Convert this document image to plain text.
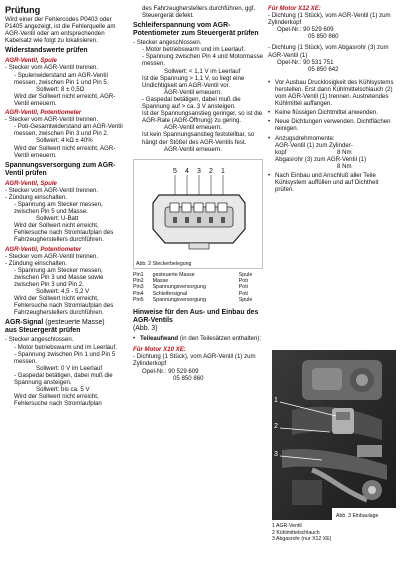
Prüfung

Wird einer der Fehlercodes P0403 oder P1405 angezeigt, ist die Fehlerquelle am AGR-Ventil oder am entsprechenden Kabelsatz wie folgt zu lokalisieren.

Widerstandswerte prüfen

AGR-Ventil, Spule

- Stecker vom AGR-Ventil trennen.

- Spulenwiderstand am AGR-Ventil messen, zwischen Pin 1 und Pin 5.

Sollwert: 8 ± 0,5Ω

Wird der Sollwert nicht erreicht, AGR-Ventil erneuern.

AGR-Ventil, Potentiometer

- Stecker vom AGR-Ventil trennen.

- Poti-Gesamtwiderstand am AGR-Ventil messen, zwischen Pin 3 und Pin 2.

Sollwert: 4 kΩ ± 40%

Wird der Sollwert nicht erreicht, AGR-Ventil erneuern.

Spannungsversorgung zum AGR-Ventil prüfen

AGR-Ventil, Spule

- Stecker vom AGR-Ventil trennen.

- Zündung einschalten.

- Spannung am Stecker messen, zwischen Pin 5 und Masse.

Sollwert: U-Batt

Wird der Sollwert nicht erreicht, Fehlersuche nach Stromlaufplan des Fahrzeugherstellers durchführen.

AGR-Ventil, Potentiometer

- Stecker vom AGR-Ventil trennen.

- Zündung einschalten.

- Spannung am Stecker messen, zwischen Pin 3 und Masse sowie zwischen Pin 3 und Pin 2.

Sollwert: 4,5 - 5,2 V

Wird der Sollwert nicht erreicht, Fehlersuche nach Stromlaufplan des Fahrzeugherstellers durchführen.

AGR-Signal (gesteuerte Masse)
aus Steuergerät prüfen

- Stecker angeschlossen.

- Motor betriebswarm und im Leerlauf.

- Spannung zwischen Pin 1 und Pin 5 messen.

Sollwert: 0 V im Leerlauf

- Gaspedal betätigen, dabei muß die Spannung ansteigen.

Sollwert: bis ca. 5 V

Wird der Sollwert nicht erreicht, Fehlersuche nach Stromlaufplan

des Fahrzeugherstellers durchführen, ggf. Steuergerät defekt.

Schleiferspannung vom AGR-Potentiometer zum Steuergerät prüfen

- Stecker angeschlossen.

- Motor betriebswarm und im Leerlauf.

- Spannung zwischen Pin 4 und Motormasse messen.

Sollwert: < 1,1 V im Leerlauf

Ist die Spannung > 1,1 V, so liegt eine Undichtigkeit am AGR-Ventil vor.

AGR-Ventil erneuern.

- Gaspedal betätigen, dabei muß die Spannung auf > ca. 3 V ansteigen.

Ist der Spannungsanstieg geringer, so ist die AGR-Rate (AGR-Öffnung) zu gering.

AGR-Ventil erneuern.

Ist kein Spannungsanstieg feststellbar, so hängt der Stößel des AGR-Ventils fest.

AGR-Ventil erneuern.

5 4 3 2 1
Abb. 2 Steckerbelegung
Pin1	gesteuerte Masse	Spule
Pin2	Masse	Poti
Pin3	Spannungsversorgung	Poti
Pin4	Schleifersignal	Poti
Pin5	Spannungsversorgung	Spule

Hinweise für den Aus- und Einbau des AGR-Ventils
(Abb. 3)

• Teileaufwand (in den Teilesätzen enthalten):

Für Motor X10 XE:

- Dichtung (1 Stück), vom AGR-Ventil (1) zum Zylinderkopf

Opel-Nr.: 90 529 609

05 850 860

Für Motor X12 XE:

- Dichtung (1 Stück), vom AGR-Ventil (1) zum Zylinderkopf

Opel-Nr.: 90 529 609

05 850 860

- Dichtung (1 Stück), vom Abgasrohr (3) zum AGR-Ventil (1)

Opel-Nr.: 90 531 751

05 850 642

• Vor Ausbau Drucklosigkeit des Kühlsystems herstellen. Erst dann Kühlmittelschlauch (2) vom AGR-Ventil (1) trennen. Austretendes Kühlmittel auffangen.
• Keine flüssigen Dichtmittel anwenden.
• Neue Dichtungen verwenden. Dichtflächen reinigen.
• Anzugsdrehmomente:
AGR-Ventil (1) zum Zylinder-
kopf	8 Nm
Abgasrohr (3) zum AGR-Ventil (1)
8 Nm
• Nach Einbau und Anschluß aller Teile Kühlsystem auffüllen und auf Dichtheit prüfen.
1
2
3
Abb. 3 Einbaulage
1 AGR-Ventil
2 Kühlmittelschlauch
3 Abgasrohr (nur X12 XE)
